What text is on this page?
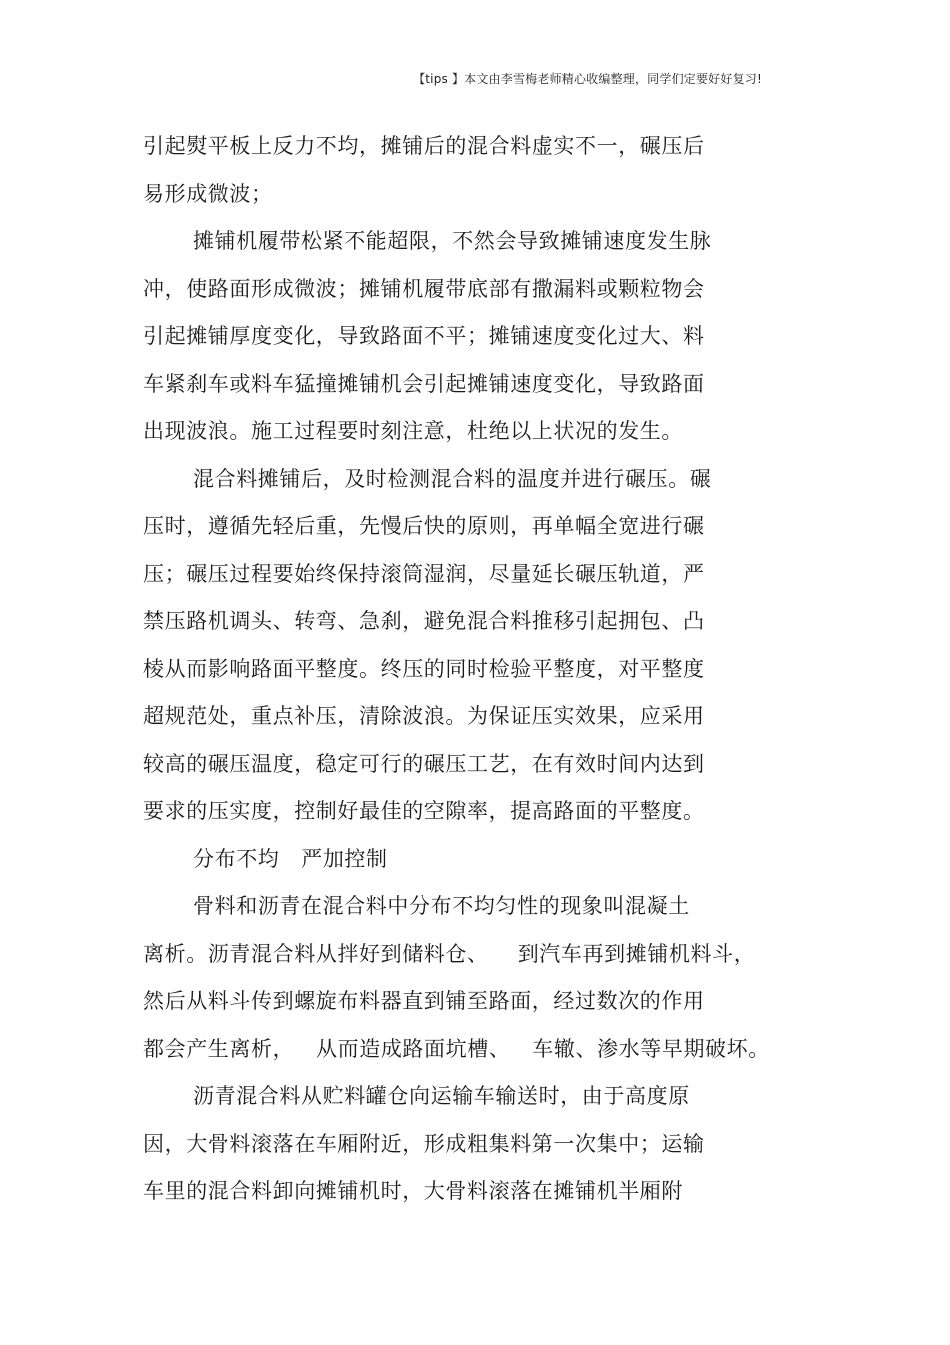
【tips 】本文由李雪梅老师精心收编整理，同学们定要好好复习!
引起熨平板上反力不均，摊铺后的混合料虚实不一，碾压后
易形成微波；
摊铺机履带松紧不能超限，不然会导致摊铺速度发生脉
冲，使路面形成微波；摊铺机履带底部有撒漏料或颗粒物会
引起摊铺厚度变化，导致路面不平；摊铺速度变化过大、料
车紧刹车或料车猛撞摊铺机会引起摊铺速度变化，导致路面
出现波浪。施工过程要时刻注意，杜绝以上状况的发生。
混合料摊铺后，及时检测混合料的温度并进行碾压。碾
压时，遵循先轻后重，先慢后快的原则，再单幅全宽进行碾
压；碾压过程要始终保持滚筒湿润，尽量延长碾压轨道，严
禁压路机调头、转弯、急刹，避免混合料推移引起拥包、凸
棱从而影响路面平整度。终压的同时检验平整度，对平整度
超规范处，重点补压，清除波浪。为保证压实效果，应采用
较高的碾压温度，稳定可行的碾压工艺，在有效时间内达到
要求的压实度，控制好最佳的空隙率，提高路面的平整度。
分布不均   严加控制
骨料和沥青在混合料中分布不均匀性的现象叫混凝土
离析。沥青混合料从拌好到储料仓、    到汽车再到摊铺机料斗，
然后从料斗传到螺旋布料器直到铺至路面，经过数次的作用
都会产生离析，   从而造成路面坑槽、   车辙、渗水等早期破坏。
沥青混合料从贮料罐仓向运输车输送时，由于高度原
因，大骨料滚落在车厢附近，形成粗集料第一次集中；运输
车里的混合料卸向摊铺机时，大骨料滚落在摊铺机半厢附
